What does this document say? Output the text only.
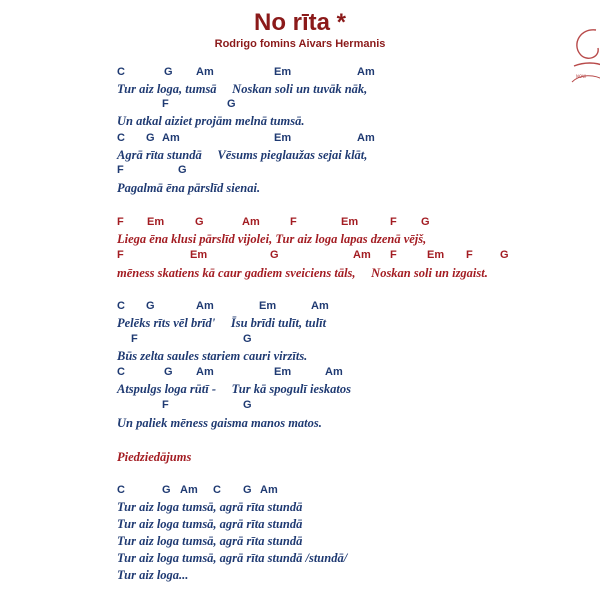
No rīta *
Rodrigo fomins Aivars Hermanis
NOW
C	G Am	Em	Am
Tur aiz loga, tumsā     Noskan soli un tuvāk nāk,
F	G
Un atkal aiziet projām melnā tumsā.
C G Am	Em	Am
Agrā rīta stundā     Vēsums pieglaužas sejai klāt,
F	G
Pagalmā ēna pārslīd sienai.
F Em	G	Am	F	Em	F G
Liega ēna klusi pārslīd vijolei, Tur aiz loga lapas dzenā vējš,
F	Em	G	Am F	Em F G
mēness skatiens kā caur gadiem sveiciens tāls,     Noskan soli un izgaist.
C G	Am	Em	Am
Pelēks rīts vēl brīd'     Īsu brīdi tulīt, tulīt
F	G
Būs zelta saules stariem cauri virzīts.
C	G Am	Em	Am
Atspulgs loga rūtī -     Tur kā spogulī ieskatos
F	G
Un paliek mēness gaisma manos matos.
Piedziedājums
C	G Am C G Am
Tur aiz loga tumsā, agrā rīta stundā
Tur aiz loga tumsā, agrā rīta stundā
Tur aiz loga tumsā, agrā rīta stundā
Tur aiz loga tumsā, agrā rīta stundā /stundā/
Tur aiz loga...
